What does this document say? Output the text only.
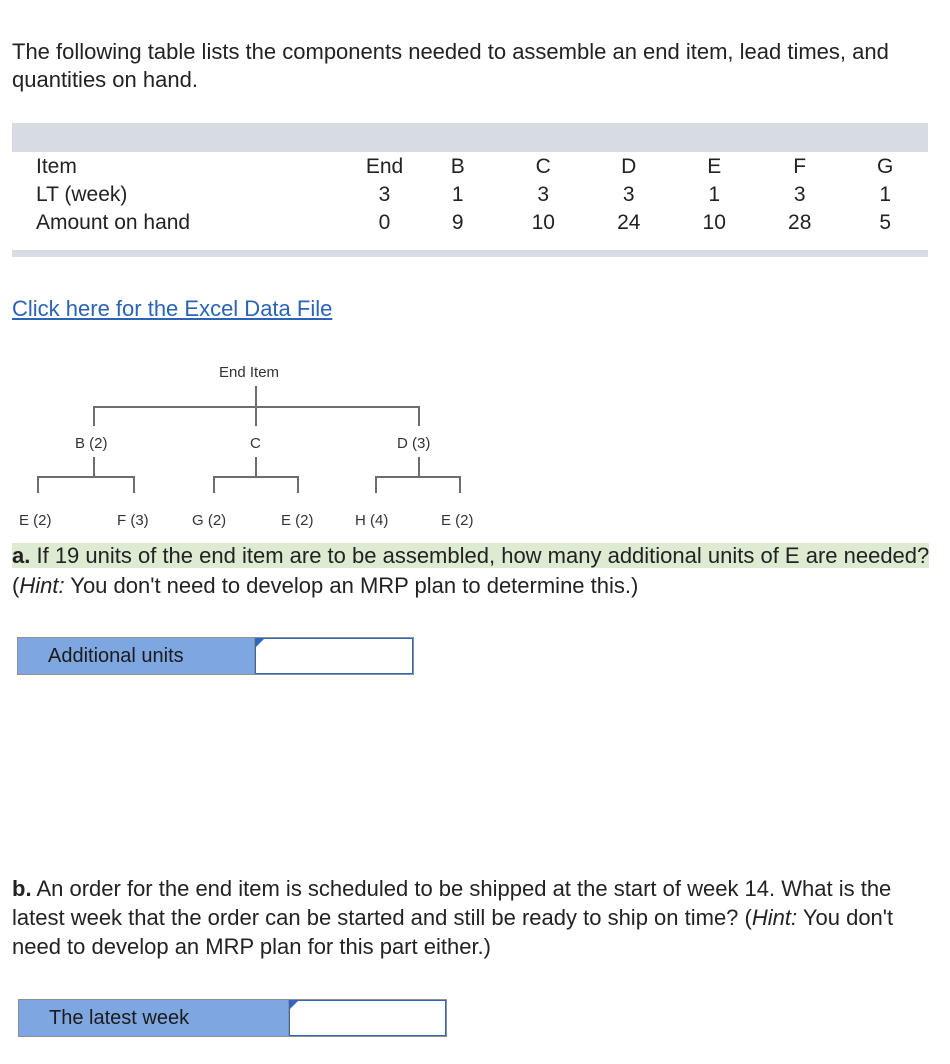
The following table lists the components needed to assemble an end item, lead times, and quantities on hand.
Item	End	B	C	D	E	F	G
LT (week)	3	1	3	3	1	3	1
Amount on hand	0	9	10	24	10	28	5
Click here for the Excel Data File
End Item
B (2)	C	D (3)
E (2)	F (3)	G (2)	E (2)	H (4)	E (2)
a. If 19 units of the end item are to be assembled, how many additional units of E are needed? (Hint: You don't need to develop an MRP plan to determine this.)
Additional units
b. An order for the end item is scheduled to be shipped at the start of week 14. What is the latest week that the order can be started and still be ready to ship on time? (Hint: You don't need to develop an MRP plan for this part either.)
The latest week
